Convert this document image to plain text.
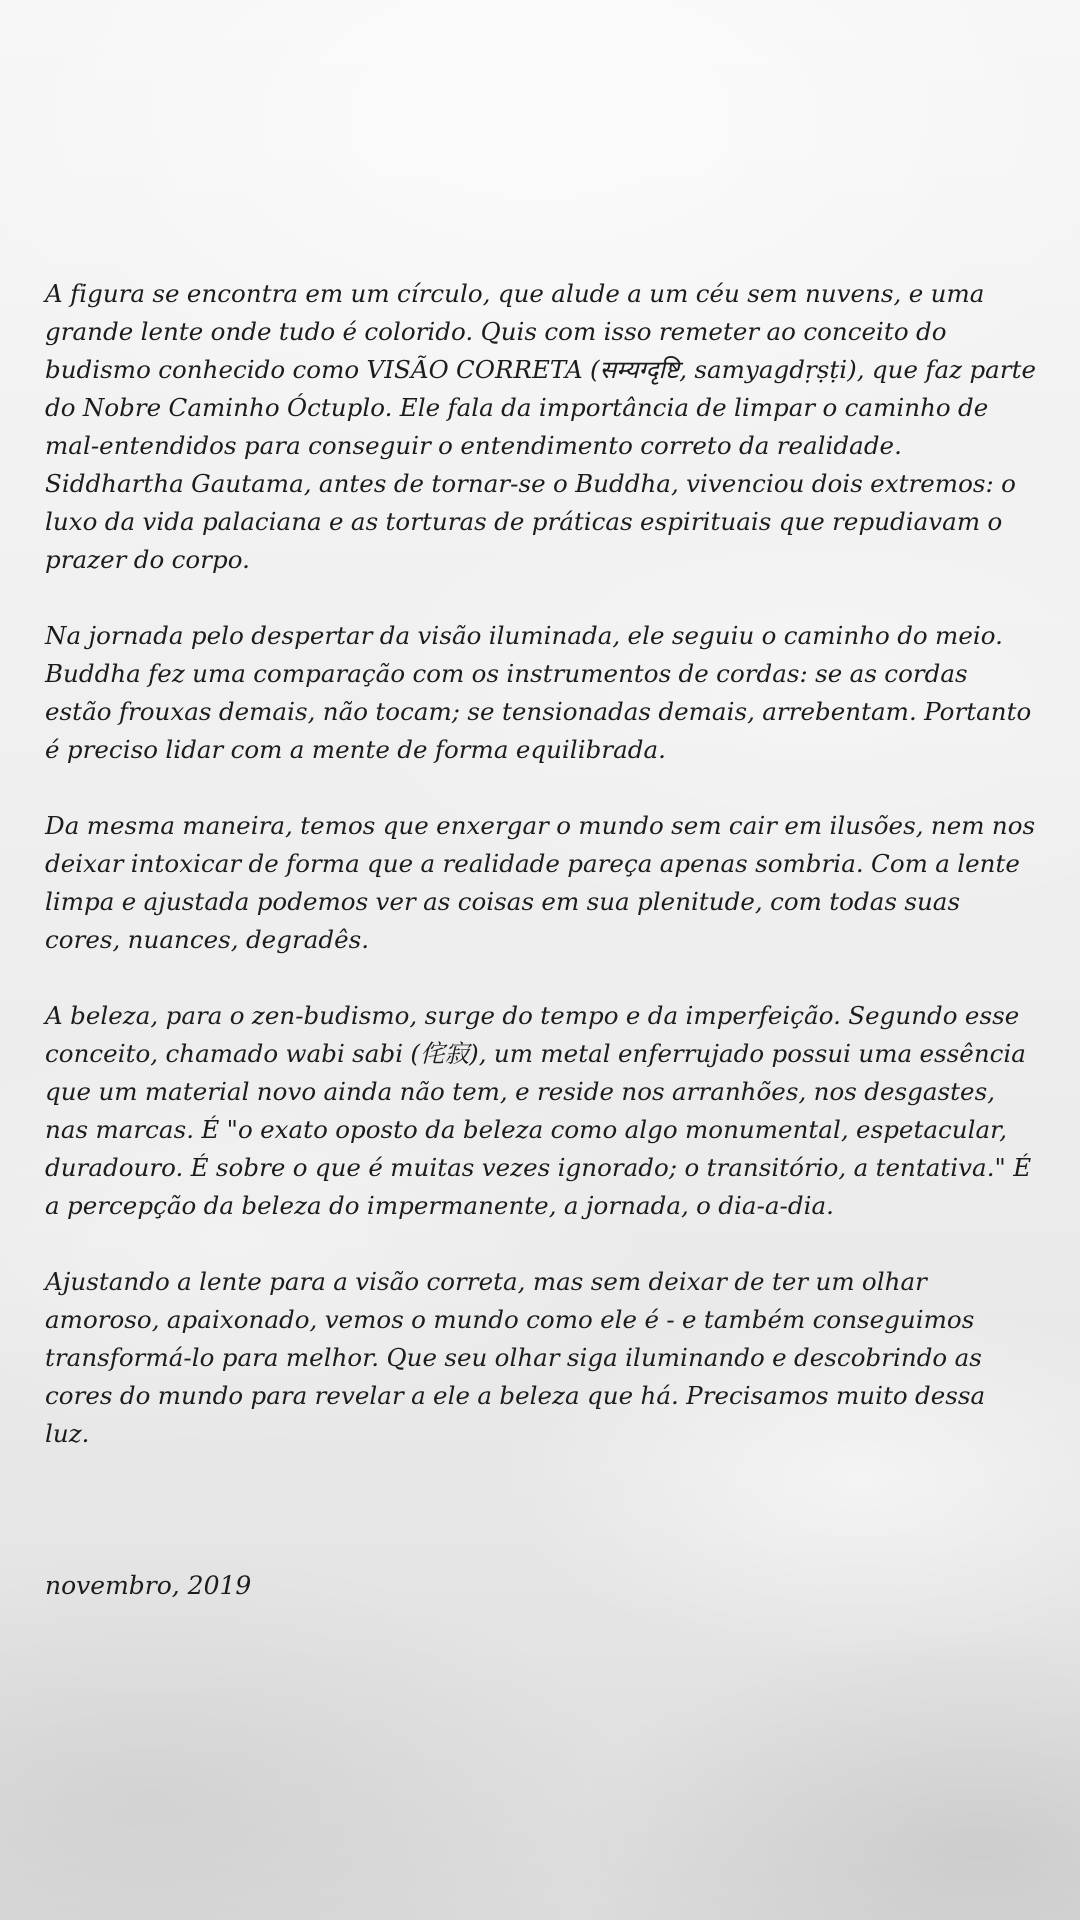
A figura se encontra em um círculo, que alude a um céu sem nuvens, e uma grande lente onde tudo é colorido. Quis com isso remeter ao conceito do budismo conhecido como VISÃO CORRETA (सम्यग्दृष्टि, samyagdṛṣṭi), que faz parte do Nobre Caminho Óctuplo. Ele fala da importância de limpar o caminho de mal-entendidos para conseguir o entendimento correto da realidade. Siddhartha Gautama, antes de tornar-se o Buddha, vivenciou dois extremos: o luxo da vida palaciana e as torturas de práticas espirituais que repudiavam o prazer do corpo.

Na jornada pelo despertar da visão iluminada, ele seguiu o caminho do meio. Buddha fez uma comparação com os instrumentos de cordas: se as cordas estão frouxas demais, não tocam; se tensionadas demais, arrebentam. Portanto é preciso lidar com a mente de forma equilibrada.

Da mesma maneira, temos que enxergar o mundo sem cair em ilusões, nem nos deixar intoxicar de forma que a realidade pareça apenas sombria. Com a lente limpa e ajustada podemos ver as coisas em sua plenitude, com todas suas cores, nuances, degradês.

A beleza, para o zen-budismo, surge do tempo e da imperfeição. Segundo esse conceito, chamado wabi sabi (侘寂), um metal enferrujado possui uma essência que um material novo ainda não tem, e reside nos arranhões, nos desgastes, nas marcas. É "o exato oposto da beleza como algo monumental, espetacular, duradouro. É sobre o que é muitas vezes ignorado; o transitório, a tentativa." É a percepção da beleza do impermanente, a jornada, o dia-a-dia.

Ajustando a lente para a visão correta, mas sem deixar de ter um olhar amoroso, apaixonado, vemos o mundo como ele é - e também conseguimos transformá-lo para melhor. Que seu olhar siga iluminando e descobrindo as cores do mundo para revelar a ele a beleza que há. Precisamos muito dessa luz.

novembro, 2019
